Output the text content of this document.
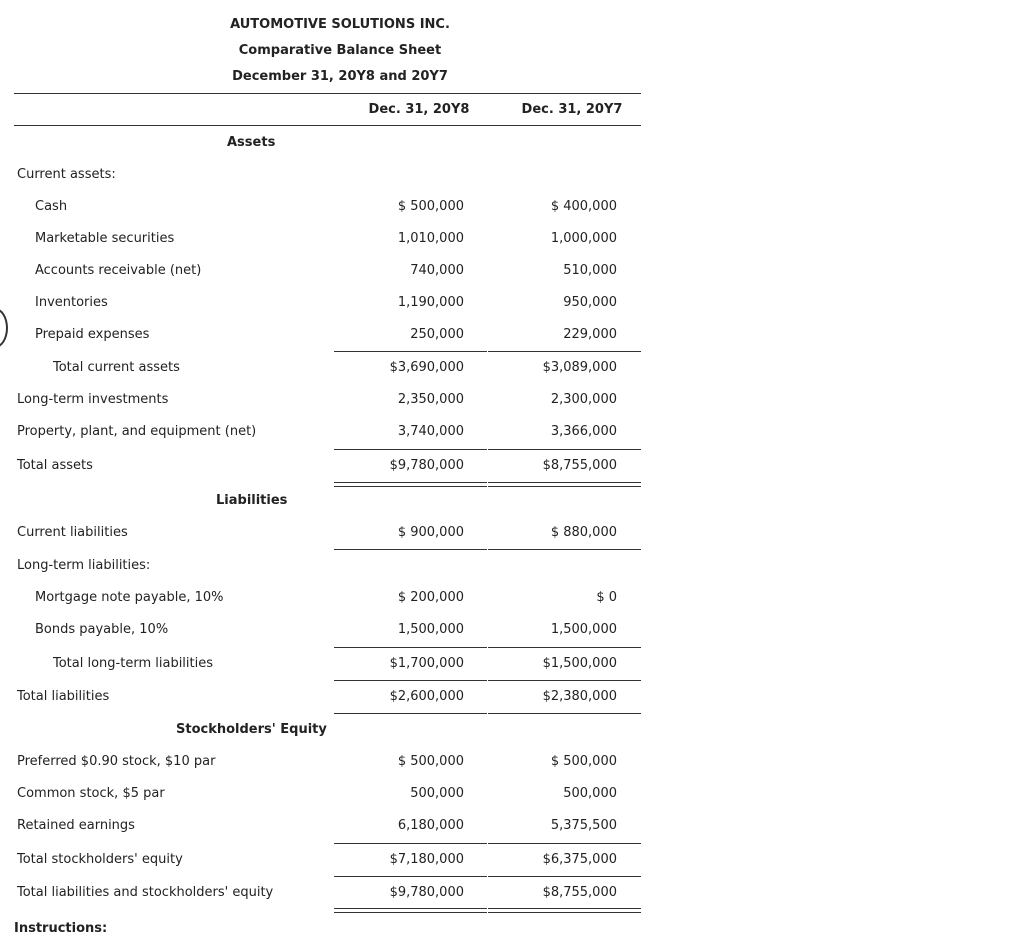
AUTOMOTIVE SOLUTIONS INC.
Comparative Balance Sheet
December 31, 20Y8 and 20Y7
Dec. 31, 20Y8	Dec. 31, 20Y7
Assets
Current assets:
Cash	$ 500,000	$ 400,000
Marketable securities	1,010,000	1,000,000
Accounts receivable (net)	740,000	510,000
Inventories	1,190,000	950,000
Prepaid expenses	250,000	229,000
Total current assets	$3,690,000	$3,089,000
Long-term investments	2,350,000	2,300,000
Property, plant, and equipment (net)	3,740,000	3,366,000
Total assets	$9,780,000	$8,755,000
Liabilities
Current liabilities	$ 900,000	$ 880,000
Long-term liabilities:
Mortgage note payable, 10%	$ 200,000	$ 0
Bonds payable, 10%	1,500,000	1,500,000
Total long-term liabilities	$1,700,000	$1,500,000
Total liabilities	$2,600,000	$2,380,000
Stockholders' Equity
Preferred $0.90 stock, $10 par	$ 500,000	$ 500,000
Common stock, $5 par	500,000	500,000
Retained earnings	6,180,000	5,375,500
Total stockholders' equity	$7,180,000	$6,375,000
Total liabilities and stockholders' equity	$9,780,000	$8,755,000
Instructions:
